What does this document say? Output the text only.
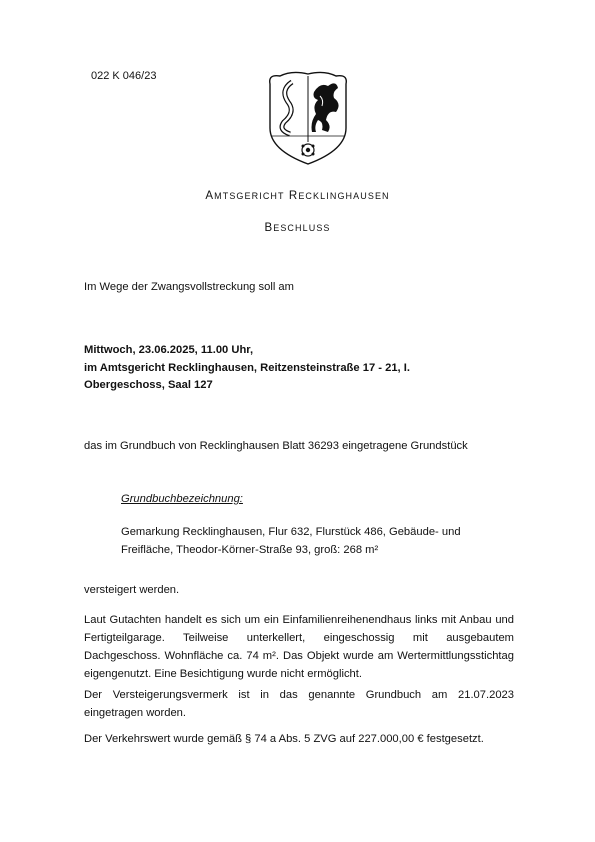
022 K 046/23
AMTSGERICHT RECKLINGHAUSEN
BESCHLUSS
Im Wege der Zwangsvollstreckung soll am
Mittwoch, 23.06.2025, 11.00 Uhr,
im Amtsgericht Recklinghausen, Reitzensteinstraße 17 - 21, I.
Obergeschoss, Saal 127
das im Grundbuch von Recklinghausen Blatt 36293 eingetragene Grundstück
Grundbuchbezeichnung:
Gemarkung Recklinghausen, Flur 632, Flurstück 486, Gebäude- und Freifläche, Theodor-Körner-Straße 93, groß: 268 m²
versteigert werden.
Laut Gutachten handelt es sich um ein Einfamilienreihenendhaus links mit Anbau und Fertigteilgarage. Teilweise unterkellert, eingeschossig mit ausgebautem Dachgeschoss. Wohnfläche ca. 74 m². Das Objekt wurde am Wertermittlungsstichtag eigengenutzt. Eine Besichtigung wurde nicht ermöglicht.
Der Versteigerungsvermerk ist in das genannte Grundbuch am 21.07.2023 eingetragen worden.
Der Verkehrswert wurde gemäß § 74 a Abs. 5 ZVG auf 227.000,00 € festgesetzt.
